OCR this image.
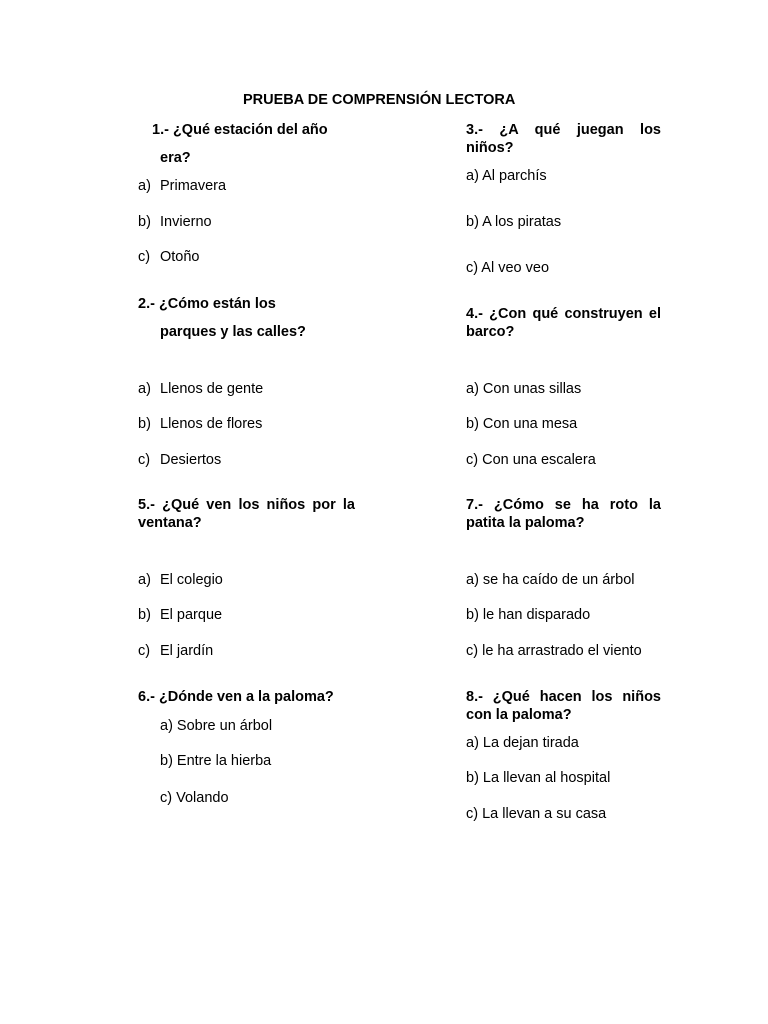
PRUEBA DE COMPRENSIÓN LECTORA
1.- ¿Qué estación del año
era?
a) Primavera
b) Invierno
c) Otoño
2.- ¿Cómo están los
parques y las calles?
a) Llenos de gente
b) Llenos de flores
c) Desiertos
3.- ¿A qué juegan los
niños?
a) Al parchís
b) A los piratas
c) Al veo veo
4.- ¿Con qué construyen el
barco?
a) Con unas sillas
b) Con una mesa
c) Con una escalera
5.- ¿Qué ven los niños por la
ventana?
a) El colegio
b) El parque
c) El jardín
6.- ¿Dónde ven a la paloma?
a) Sobre un árbol
b) Entre la hierba
c) Volando
7.- ¿Cómo se ha roto la
patita la paloma?
a) se ha caído de un árbol
b) le han disparado
c) le ha arrastrado el viento
8.- ¿Qué hacen los niños
con la paloma?
a) La dejan tirada
b) La llevan al hospital
c) La llevan a su casa
